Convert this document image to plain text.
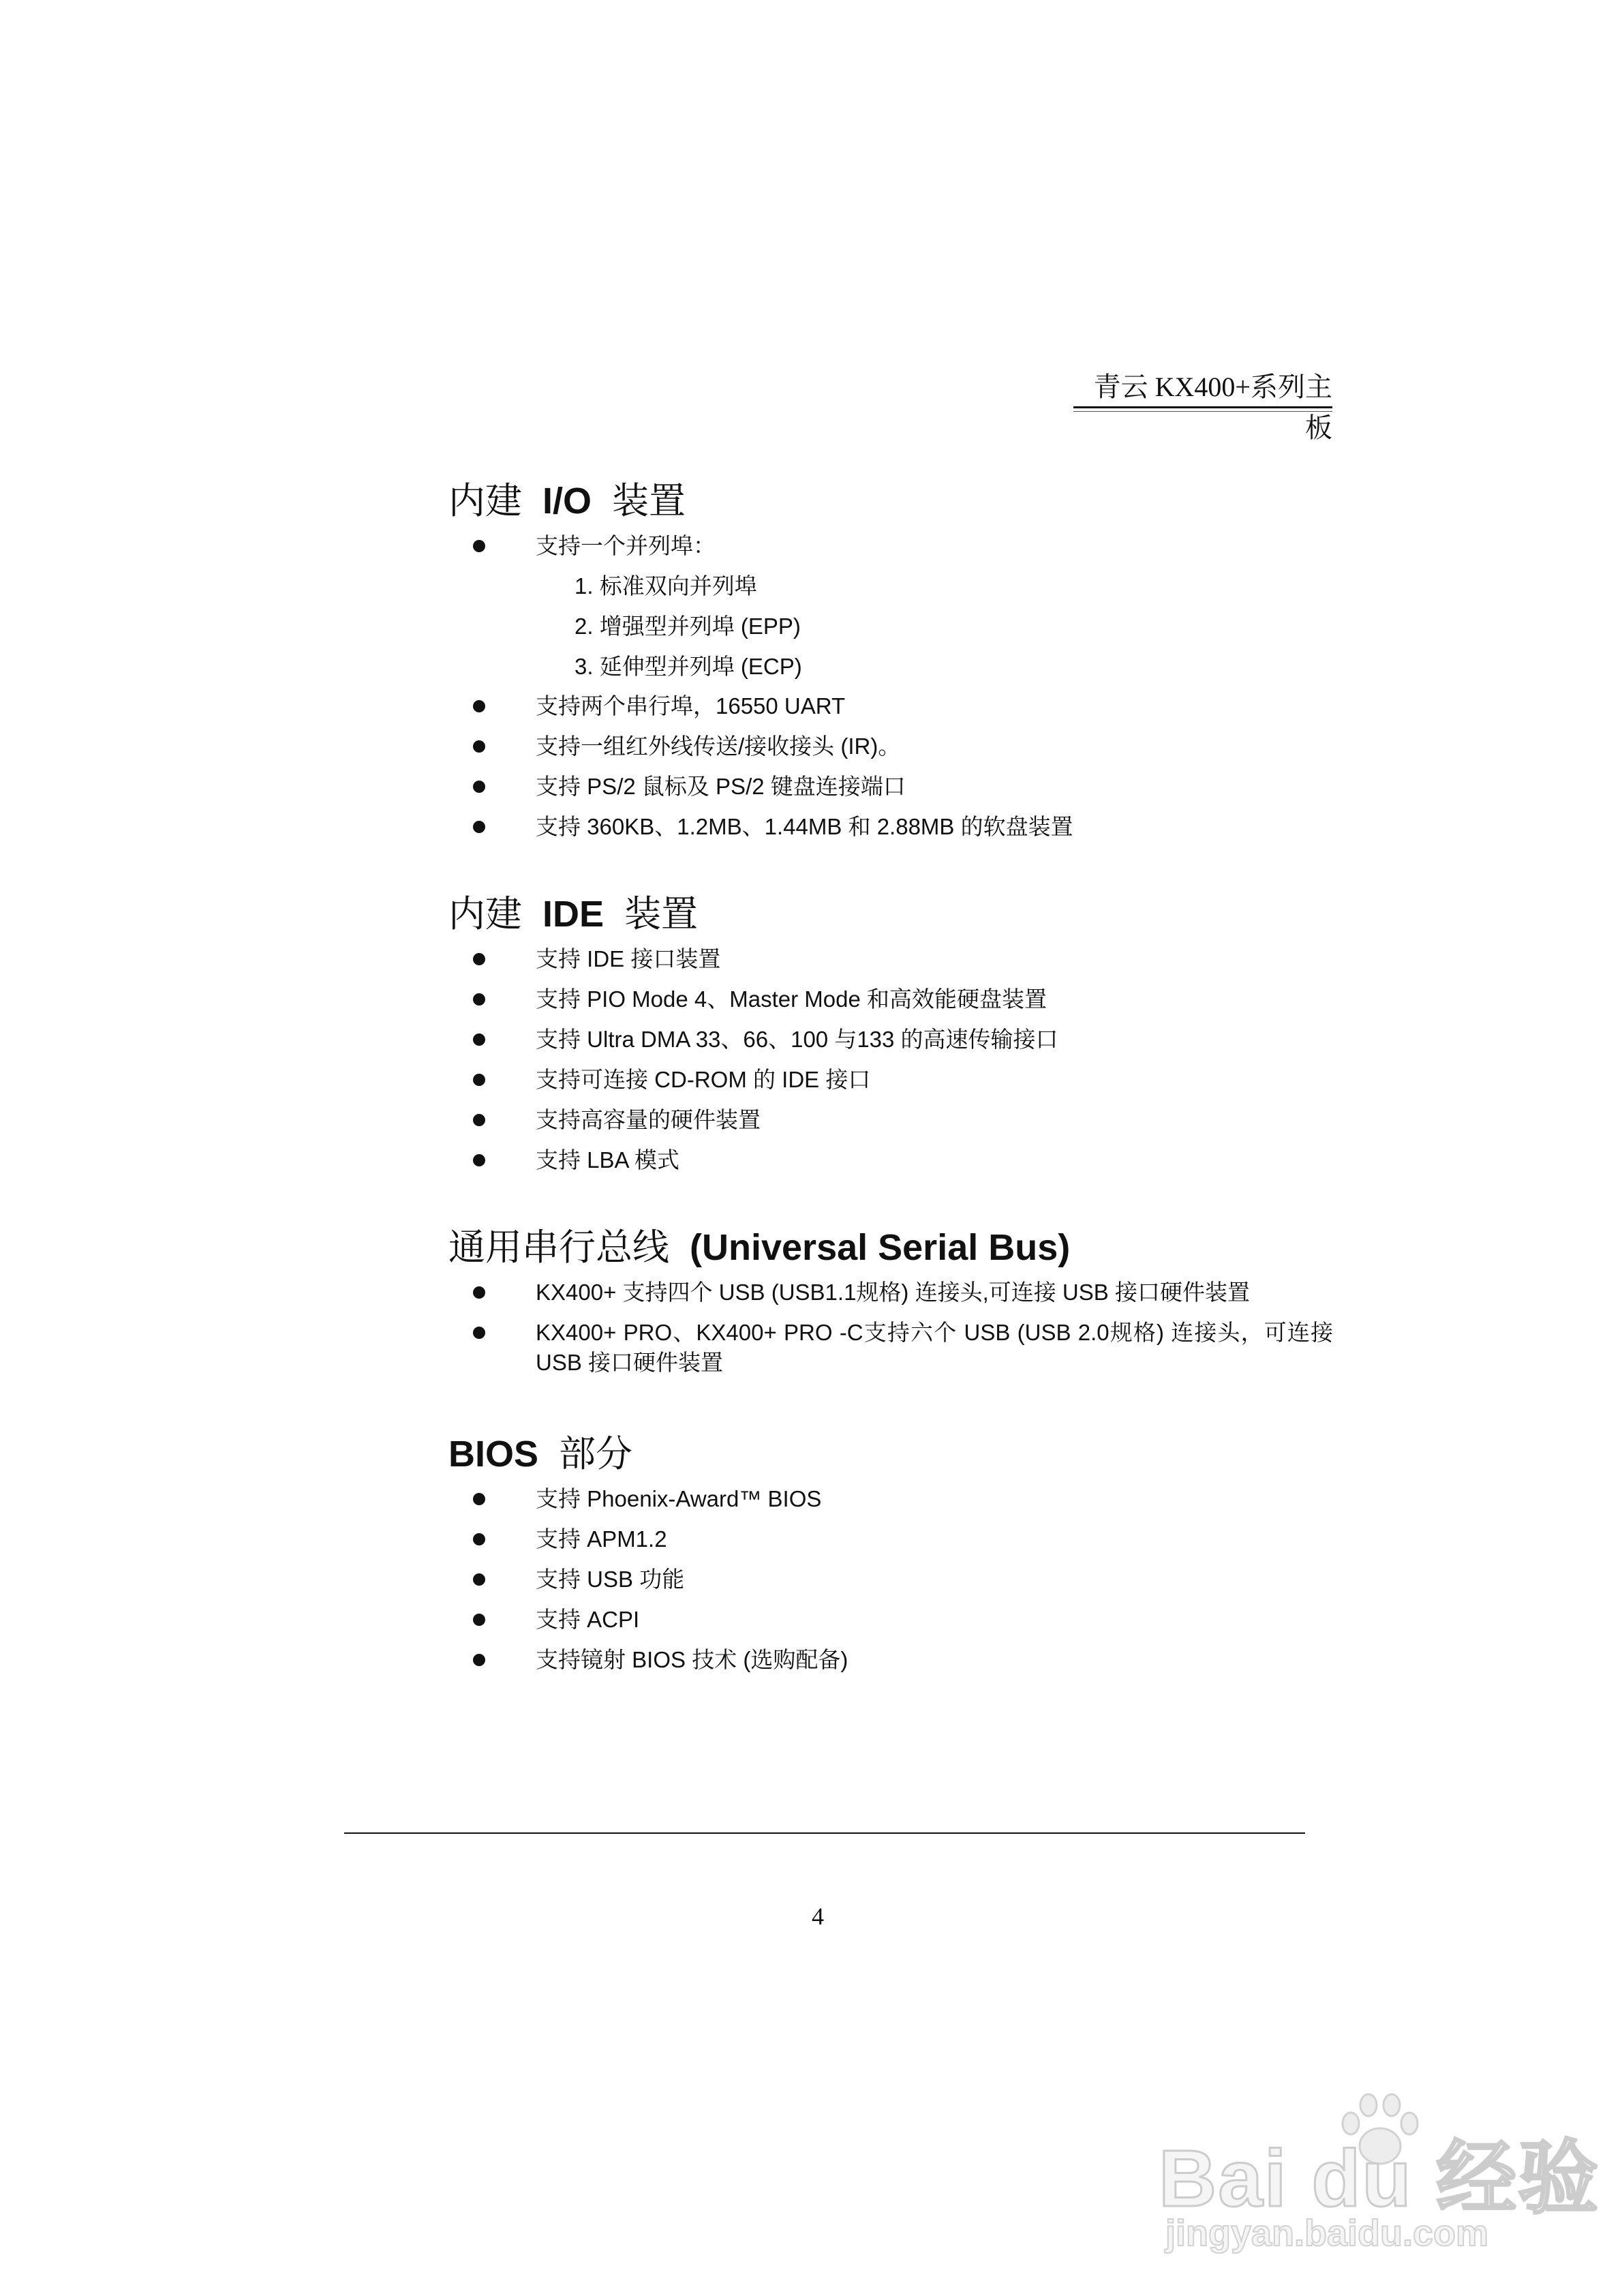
青云 KX400+系列主板
内建 I/O 装置
支持一个并列埠：
1. 标准双向并列埠
2. 增强型并列埠 (EPP)
3. 延伸型并列埠 (ECP)
支持两个串行埠，16550 UART
支持一组红外线传送/接收接头 (IR)。
支持 PS/2 鼠标及 PS/2 键盘连接端口
支持 360KB、1.2MB、1.44MB 和 2.88MB 的软盘装置
内建 IDE 装置
支持 IDE 接口装置
支持 PIO Mode 4、Master Mode 和高效能硬盘装置
支持 Ultra DMA 33、66、100 与133 的高速传输接口
支持可连接 CD-ROM 的 IDE 接口
支持高容量的硬件装置
支持 LBA 模式
通用串行总线 (Universal Serial Bus)
KX400+ 支持四个 USB (USB1.1规格) 连接头,可连接 USB 接口硬件装置
KX400+ PRO、KX400+ PRO -C支持六个 USB (USB 2.0规格) 连接头，可连接 USB 接口硬件装置
BIOS 部分
支持 Phoenix-Award™ BIOS
支持 APM1.2
支持 USB 功能
支持 ACPI
支持镜射 BIOS 技术 (选购配备)
4
Bai du 经验
jingyan.baidu.com
